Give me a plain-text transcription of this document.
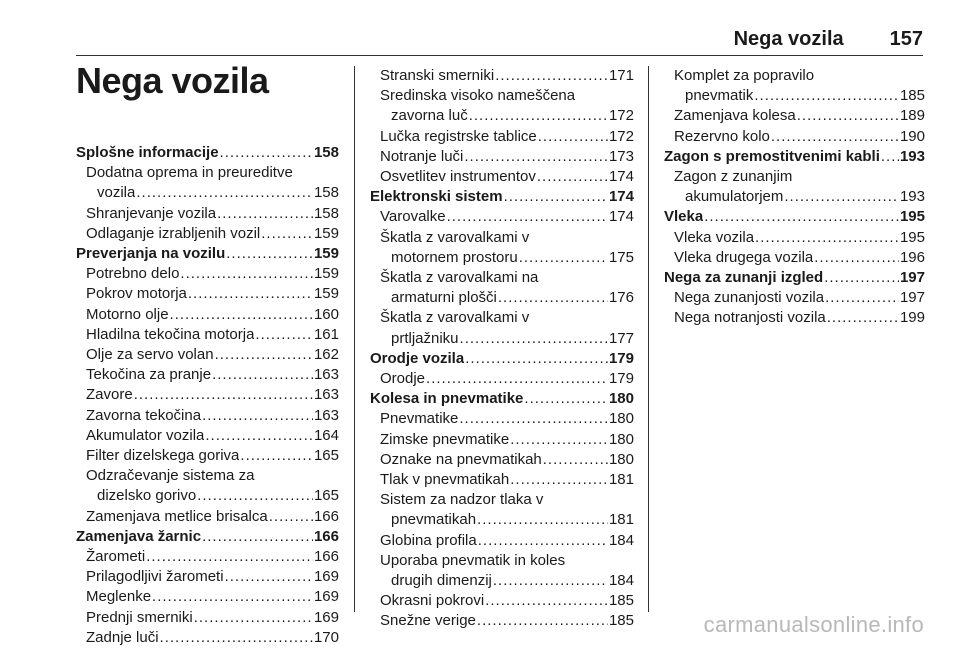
Nega vozila 157
Nega vozila
Splošne informacije .....	158
Dodatna oprema in preureditve
vozila .....	158
Shranjevanje vozila .....	158
Odlaganje izrabljenih vozil .....	159
Preverjanja na vozilu .....	159
Potrebno delo .....	159
Pokrov motorja .....	159
Motorno olje .....	160
Hladilna tekočina motorja .....	161
Olje za servo volan .....	162
Tekočina za pranje .....	163
Zavore .....	163
Zavorna tekočina .....	163
Akumulator vozila .....	164
Filter dizelskega goriva .....	165
Odzračevanje sistema za
dizelsko gorivo .....	165
Zamenjava metlice brisalca .....	166
Zamenjava žarnic .....	166
Žarometi .....	166
Prilagodljivi žarometi .....	169
Meglenke .....	169
Prednji smerniki .....	169
Zadnje luči .....	170
Stranski smerniki .....	171
Sredinska visoko nameščena
zavorna luč .....	172
Lučka registrske tablice .....	172
Notranje luči .....	173
Osvetlitev instrumentov .....	174
Elektronski sistem .....	174
Varovalke .....	174
Škatla z varovalkami v
motornem prostoru .....	175
Škatla z varovalkami na
armaturni plošči .....	176
Škatla z varovalkami v
prtljažniku .....	177
Orodje vozila .....	179
Orodje .....	179
Kolesa in pnevmatike .....	180
Pnevmatike .....	180
Zimske pnevmatike .....	180
Oznake na pnevmatikah .....	180
Tlak v pnevmatikah .....	181
Sistem za nadzor tlaka v
pnevmatikah .....	181
Globina profila .....	184
Uporaba pnevmatik in koles
drugih dimenzij .....	184
Okrasni pokrovi .....	185
Snežne verige .....	185
Komplet za popravilo
pnevmatik .....	185
Zamenjava kolesa .....	189
Rezervno kolo .....	190
Zagon s premostitvenimi kabli ..... 193
Zagon z zunanjim
akumulatorjem .....	193
Vleka .....	195
Vleka vozila .....	195
Vleka drugega vozila .....	196
Nega za zunanji izgled .....	197
Nega zunanjosti vozila .....	197
Nega notranjosti vozila .....	199
carmanualsonline.info
